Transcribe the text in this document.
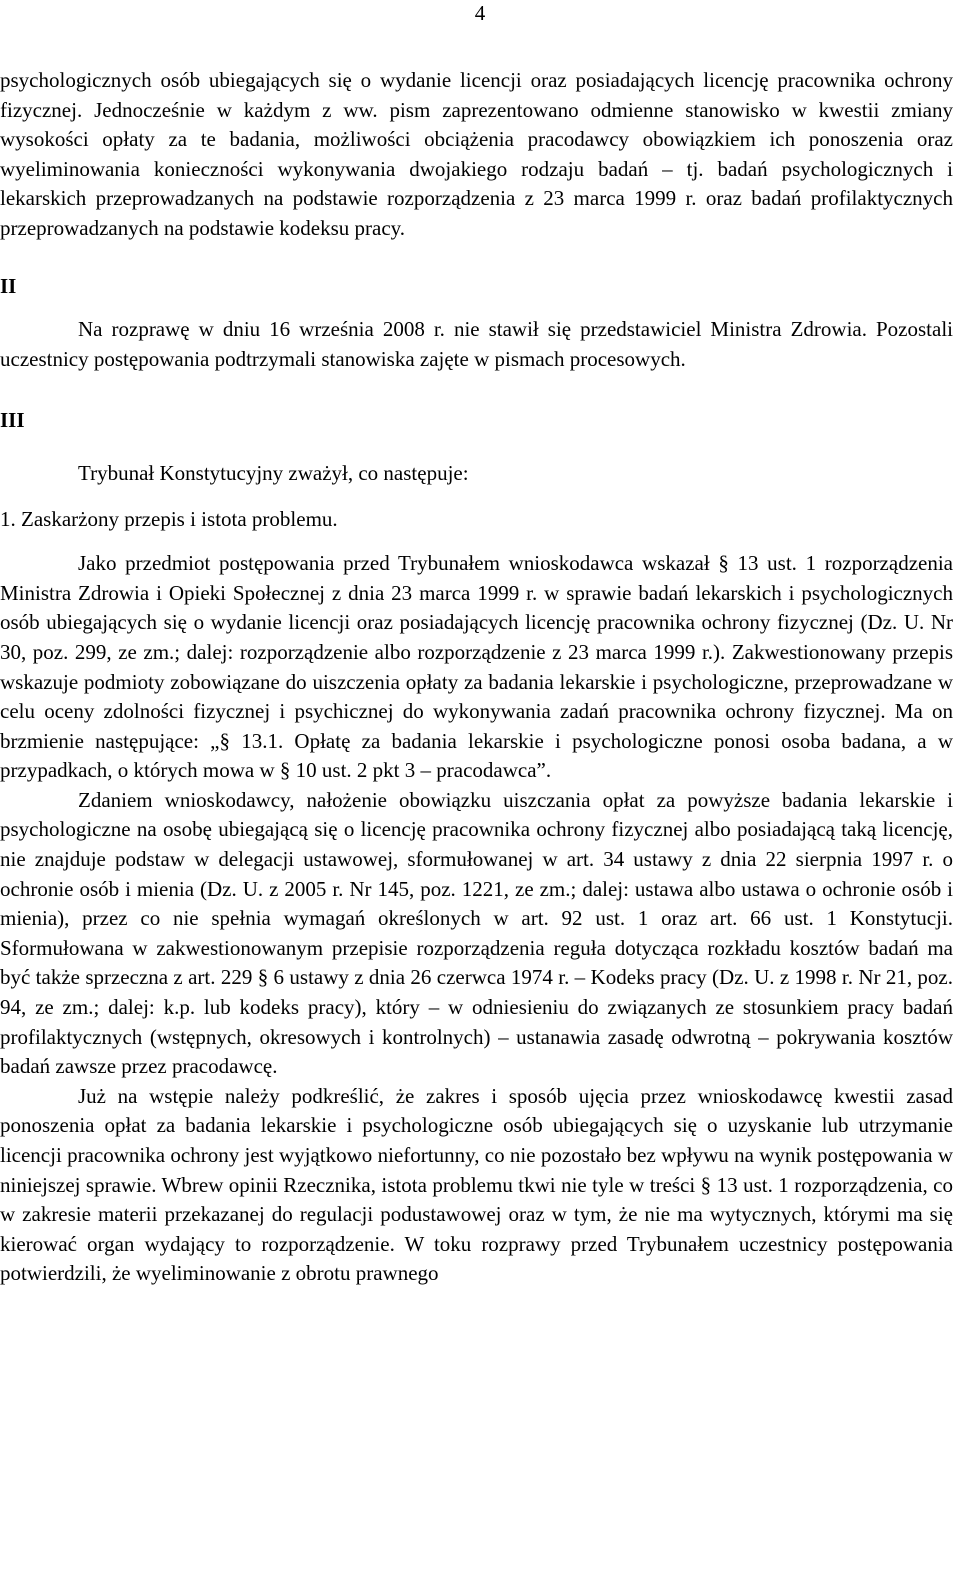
4

psychologicznych osób ubiegających się o wydanie licencji oraz posiadających licencję pracownika ochrony fizycznej. Jednocześnie w każdym z ww. pism zaprezentowano odmienne stanowisko w kwestii zmiany wysokości opłaty za te badania, możliwości obciążenia pracodawcy obowiązkiem ich ponoszenia oraz wyeliminowania konieczności wykonywania dwojakiego rodzaju badań – tj. badań psychologicznych i lekarskich przeprowadzanych na podstawie rozporządzenia z 23 marca 1999 r. oraz badań profilaktycznych przeprowadzanych na podstawie kodeksu pracy.

II

Na rozprawę w dniu 16 września 2008 r. nie stawił się przedstawiciel Ministra Zdrowia. Pozostali uczestnicy postępowania podtrzymali stanowiska zajęte w pismach procesowych.

III

Trybunał Konstytucyjny zważył, co następuje:

1. Zaskarżony przepis i istota problemu.

Jako przedmiot postępowania przed Trybunałem wnioskodawca wskazał § 13 ust. 1 rozporządzenia Ministra Zdrowia i Opieki Społecznej z dnia 23 marca 1999 r. w sprawie badań lekarskich i psychologicznych osób ubiegających się o wydanie licencji oraz posiadających licencję pracownika ochrony fizycznej (Dz. U. Nr 30, poz. 299, ze zm.; dalej: rozporządzenie albo rozporządzenie z 23 marca 1999 r.). Zakwestionowany przepis wskazuje podmioty zobowiązane do uiszczenia opłaty za badania lekarskie i psychologiczne, przeprowadzane w celu oceny zdolności fizycznej i psychicznej do wykonywania zadań pracownika ochrony fizycznej. Ma on brzmienie następujące: „§ 13.1. Opłatę za badania lekarskie i psychologiczne ponosi osoba badana, a w przypadkach, o których mowa w § 10 ust. 2 pkt 3 – pracodawca”.

Zdaniem wnioskodawcy, nałożenie obowiązku uiszczania opłat za powyższe badania lekarskie i psychologiczne na osobę ubiegającą się o licencję pracownika ochrony fizycznej albo posiadającą taką licencję, nie znajduje podstaw w delegacji ustawowej, sformułowanej w art. 34 ustawy z dnia 22 sierpnia 1997 r. o ochronie osób i mienia (Dz. U. z 2005 r. Nr 145, poz. 1221, ze zm.; dalej: ustawa albo ustawa o ochronie osób i mienia), przez co nie spełnia wymagań określonych w art. 92 ust. 1 oraz art. 66 ust. 1 Konstytucji. Sformułowana w zakwestionowanym przepisie rozporządzenia reguła dotycząca rozkładu kosztów badań ma być także sprzeczna z art. 229 § 6 ustawy z dnia 26 czerwca 1974 r. – Kodeks pracy (Dz. U. z 1998 r. Nr 21, poz. 94, ze zm.; dalej: k.p. lub kodeks pracy), który – w odniesieniu do związanych ze stosunkiem pracy badań profilaktycznych (wstępnych, okresowych i kontrolnych) – ustanawia zasadę odwrotną – pokrywania kosztów badań zawsze przez pracodawcę.

Już na wstępie należy podkreślić, że zakres i sposób ujęcia przez wnioskodawcę kwestii zasad ponoszenia opłat za badania lekarskie i psychologiczne osób ubiegających się o uzyskanie lub utrzymanie licencji pracownika ochrony jest wyjątkowo niefortunny, co nie pozostało bez wpływu na wynik postępowania w niniejszej sprawie. Wbrew opinii Rzecznika, istota problemu tkwi nie tyle w treści § 13 ust. 1 rozporządzenia, co w zakresie materii przekazanej do regulacji podustawowej oraz w tym, że nie ma wytycznych, którymi ma się kierować organ wydający to rozporządzenie. W toku rozprawy przed Trybunałem uczestnicy postępowania potwierdzili, że wyeliminowanie z obrotu prawnego
